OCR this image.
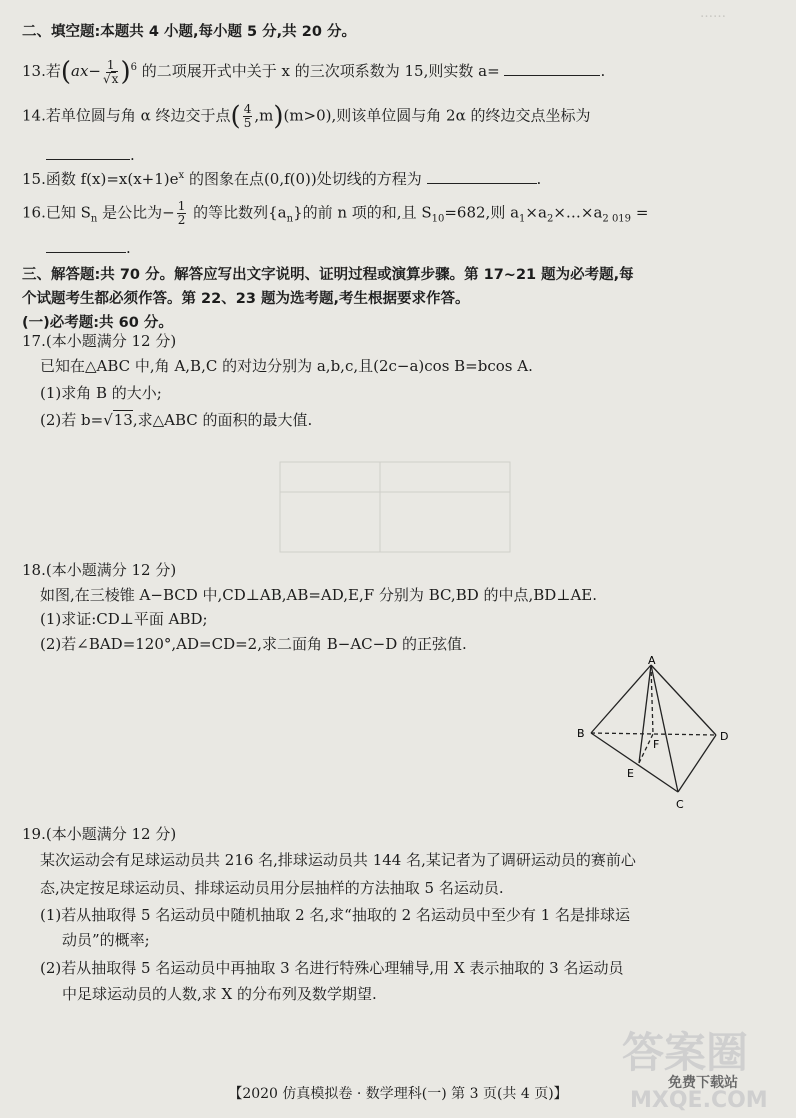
……
二、填空题:本题共 4 小题,每小题 5 分,共 20 分。
13.若$(ax- \frac{1}{√x} )^6$ 的二项展开式中关于 x 的三次项系数为 15,则实数 a=	.
14.若单位圆与角 α 终边交于点( $\frac{4}{5} ,m)(m>0)$,则该单位圆与角 2α 的终边交点坐标为
.
15.函数 $f(x)=x(x+1)e^x$ 的图象在点(0,f(0))处切线的方程为	.
16.已知 $S_n$ 是公比为− $\frac{1}{2}$ 的等比数列$\{a_n\}$的前 n 项的和,且 $S_{10}=682$,则 $a_1\times a_2\times\dots\times a_{2 019}$ =
.
三、解答题:共 70 分。解答应写出文字说明、证明过程或演算步骤。第 17~21 题为必考题,每
个试题考生都必须作答。第 22、23 题为选考题,考生根据要求作答。
(一)必考题:共 60 分。
17.(本小题满分 12 分)
已知在△ABC 中,角 A,B,C 的对边分别为 a,b,c,且(2c−a)cos B=bcos A.
(1)求角 B 的大小;
(2)若 b=√13,求△ABC 的面积的最大值.
18.(本小题满分 12 分)
如图,在三棱锥 A−BCD 中,CD⊥AB,AB=AD,E,F 分别为 BC,BD 的中点,BD⊥AE.
(1)求证:CD⊥平面 ABD;
(2)若∠BAD=120°,AD=CD=2,求二面角 B−AC−D 的正弦值.
A
B
C
D
E
F
19.(本小题满分 12 分)
某次运动会有足球运动员共 216 名,排球运动员共 144 名,某记者为了调研运动员的赛前心
态,决定按足球运动员、排球运动员用分层抽样的方法抽取 5 名运动员.
(1)若从抽取得 5 名运动员中随机抽取 2 名,求“抽取的 2 名运动员中至少有 1 名是排球运
动员”的概率;
(2)若从抽取得 5 名运动员中再抽取 3 名进行特殊心理辅导,用 X 表示抽取的 3 名运动员
中足球运动员的人数,求 X 的分布列及数学期望.
答案圈
免费下载站
MXQE.COM
【2020 仿真模拟卷 · 数学理科(一) 第 3 页(共 4 页)】
